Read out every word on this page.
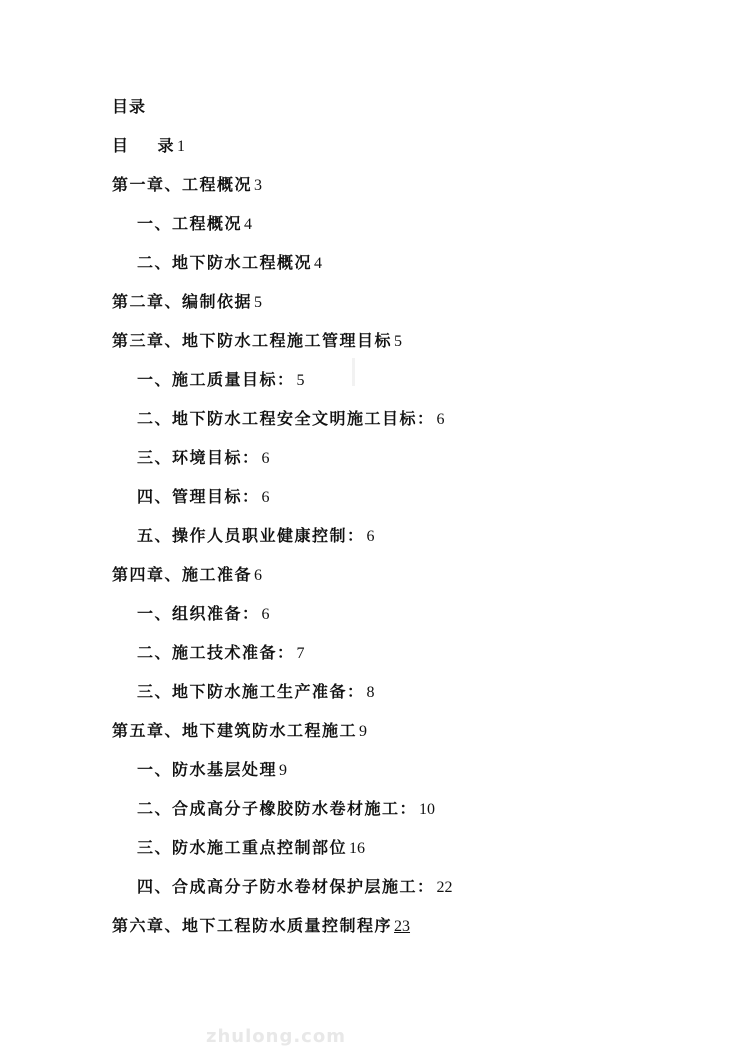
目录
目 录 1
第一章、工程概况 3
一、工程概况 4
二、地下防水工程概况 4
第二章、编制依据 5
第三章、地下防水工程施工管理目标 5
一、施工质量目标： 5
二、地下防水工程安全文明施工目标： 6
三、环境目标： 6
四、管理目标： 6
五、操作人员职业健康控制： 6
第四章、施工准备 6
一、组织准备： 6
二、施工技术准备： 7
三、地下防水施工生产准备： 8
第五章、地下建筑防水工程施工 9
一、防水基层处理 9
二、合成高分子橡胶防水卷材施工： 10
三、防水施工重点控制部位 16
四、合成高分子防水卷材保护层施工： 22
第六章、地下工程防水质量控制程序 23
zhulong.com
